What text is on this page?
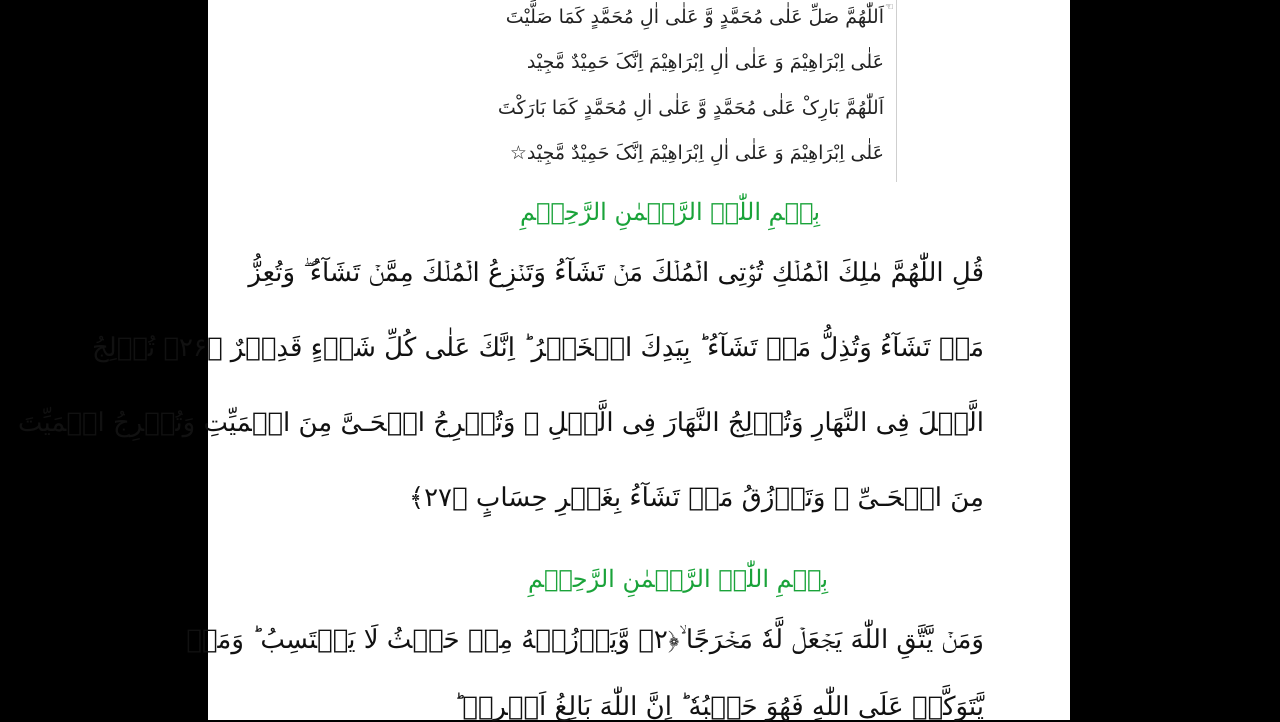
☜
اَللّٰهُمَّ صَلِّ عَلٰی مُحَمَّدٍ وَّ عَلٰی اٰلِ مُحَمَّدٍ کَمَا صَلَّیْتَ
عَلٰی اِبْرَاهِیْمَ وَ عَلٰی اٰلِ اِبْرَاهِیْمَ اِنَّکَ حَمِیْدٌ مَّجِیْد
اَللّٰهُمَّ بَارِکْ عَلٰی مُحَمَّدٍ وَّ عَلٰی اٰلِ مُحَمَّدٍ کَمَا بَارَکْتَ
عَلٰی اِبْرَاهِیْمَ وَ عَلٰی اٰلِ اِبْرَاهِیْمَ اِنَّکَ حَمِیْدٌ مَّجِیْد☆
بِسۡمِ اللّٰہِ الرَّحۡمٰنِ الرَّحِیۡمِ
قُلِ اللّٰهُمَّ مٰلِكَ الۡمُلۡكِ تُؤۡتِى الۡمُلۡكَ مَنۡ تَشَآءُ وَتَنۡزِعُ الۡمُلۡكَ مِمَّنۡ تَشَآءُ ۖ وَتُعِزُّ
مَنۡ تَشَآءُ وَتُذِلُّ مَنۡ تَشَآءُ ؕ بِيَدِكَ الۡخَيۡرُ ؕ اِنَّكَ عَلٰى كُلِّ شَىۡءٍ قَدِيۡرٌ ﴿۲۶﴾ تُوۡلِجُ
الَّيۡلَ فِى النَّهَارِ وَتُوۡلِجُ النَّهَارَ فِى الَّيۡلِ ۖ وَتُخۡرِجُ الۡحَـىَّ مِنَ الۡمَيِّتِ وَتُخۡرِجُ الۡمَيِّتَ
مِنَ الۡحَـىِّ ۖ وَتَرۡزُقُ مَنۡ تَشَآءُ بِغَيۡرِ حِسَابٍ ﴿۲۷﴾
بِسۡمِ اللّٰہِ الرَّحۡمٰنِ الرَّحِیۡمِ
وَمَنۡ يَّتَّقِ اللّٰهَ يَجۡعَلۡ لَّهٗ مَخۡرَجًا ۙ﴿۲﴾ وَّيَرۡزُقۡهُ مِنۡ حَيۡثُ لَا يَحۡتَسِبُ ؕ وَمَنۡ
يَّتَوَكَّلۡ عَلَى اللّٰهِ فَهُوَ حَسۡبُهٗ ؕ اِنَّ اللّٰهَ بَالِغُ اَمۡرِهٖ ؕ
